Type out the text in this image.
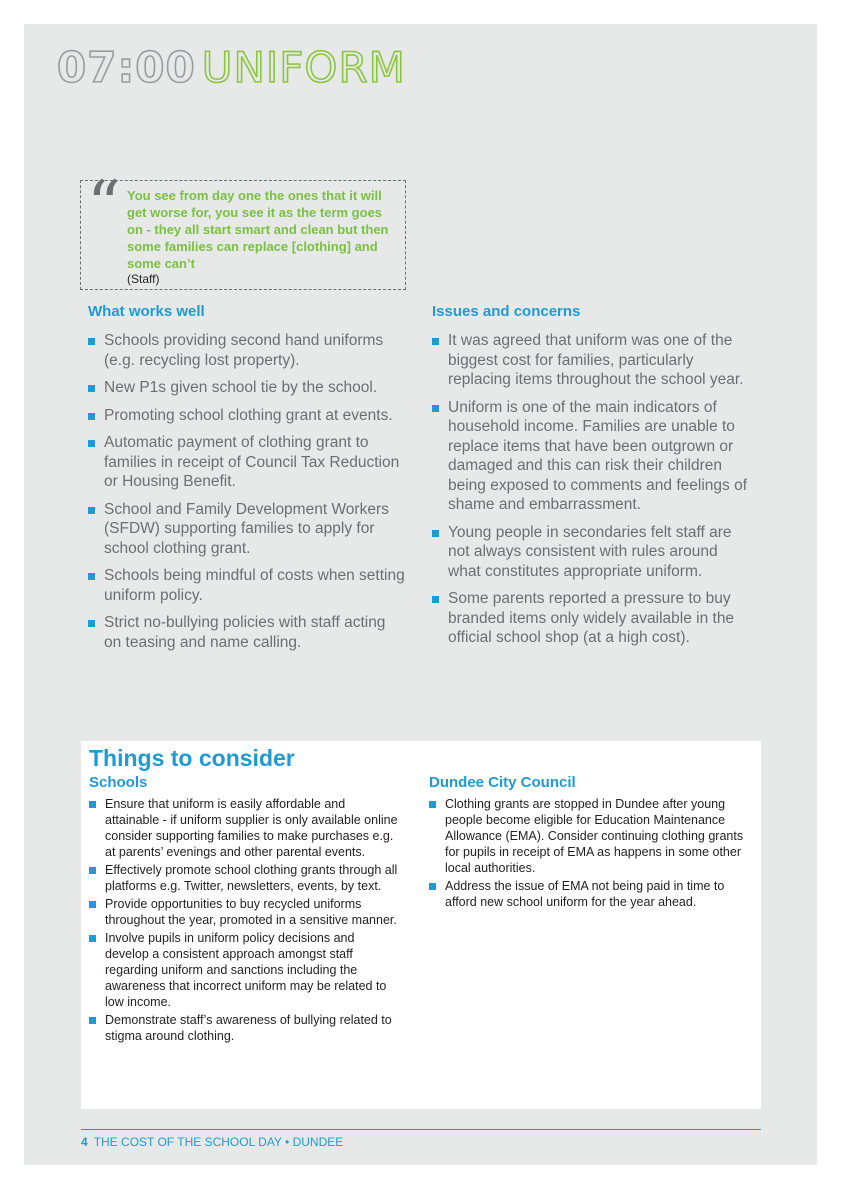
07:00 UNIFORM
“ You see from day one the ones that it will get worse for, you see it as the term goes on - they all start smart and clean but then some families can replace [clothing] and some can’t
(Staff)
What works well
Schools providing second hand uniforms (e.g. recycling lost property).
New P1s given school tie by the school.
Promoting school clothing grant at events.
Automatic payment of clothing grant to families in receipt of Council Tax Reduction or Housing Benefit.
School and Family Development Workers (SFDW) supporting families to apply for school clothing grant.
Schools being mindful of costs when setting uniform policy.
Strict no-bullying policies with staff acting on teasing and name calling.
Issues and concerns
It was agreed that uniform was one of the biggest cost for families, particularly replacing items throughout the school year.
Uniform is one of the main indicators of household income. Families are unable to replace items that have been outgrown or damaged and this can risk their children being exposed to comments and feelings of shame and embarrassment.
Young people in secondaries felt staff are not always consistent with rules around what constitutes appropriate uniform.
Some parents reported a pressure to buy branded items only widely available in the official school shop (at a high cost).
Things to consider
Schools
Ensure that uniform is easily affordable and attainable - if uniform supplier is only available online consider supporting families to make purchases e.g. at parents’ evenings and other parental events.
Effectively promote school clothing grants through all platforms e.g. Twitter, newsletters, events, by text.
Provide opportunities to buy recycled uniforms throughout the year, promoted in a sensitive manner.
Involve pupils in uniform policy decisions and develop a consistent approach amongst staff regarding uniform and sanctions including the awareness that incorrect uniform may be related to low income.
Demonstrate staff’s awareness of bullying related to stigma around clothing.
Dundee City Council
Clothing grants are stopped in Dundee after young people become eligible for Education Maintenance Allowance (EMA). Consider continuing clothing grants for pupils in receipt of EMA as happens in some other local authorities.
Address the issue of EMA not being paid in time to afford new school uniform for the year ahead.
4 THE COST OF THE SCHOOL DAY • DUNDEE
